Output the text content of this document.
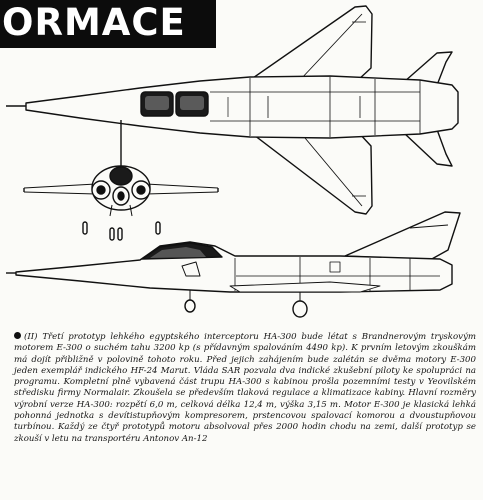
ORMACE
(II) Třetí prototyp lehkého egyptského interceptoru HA-300 bude létat s Brandnerovým tryskovým motorem E-300 o suchém tahu 3200 kp (s přídavným spalováním 4490 kp). K prvním letovým zkouškám má dojít přibližně v polovině tohoto roku. Před jejich zahájením bude zalétán se dvěma motory E-300 jeden exemplář indického HF-24 Marut. Vláda SAR pozvala dva indické zkušební piloty ke spolupráci na programu. Kompletní plně vybavená část trupu HA-300 s kabinou prošla pozemními testy v Yeovilském středisku firmy Normalair. Zkoušela se především tlaková regulace a klimatizace kabiny. Hlavní rozměry výrobní verze HA-300: rozpětí 6,0 m, celková délka 12,4 m, výška 3,15 m. Motor E-300 je klasická lehká pohonná jednotka s devítistupňovým kompresorem, prstencovou spalovací komorou a dvoustupňovou turbínou. Každý ze čtyř prototypů motoru absolvoval přes 2000 hodin chodu na zemi, další prototyp se zkouší v letu na transportéru Antonov An-12
